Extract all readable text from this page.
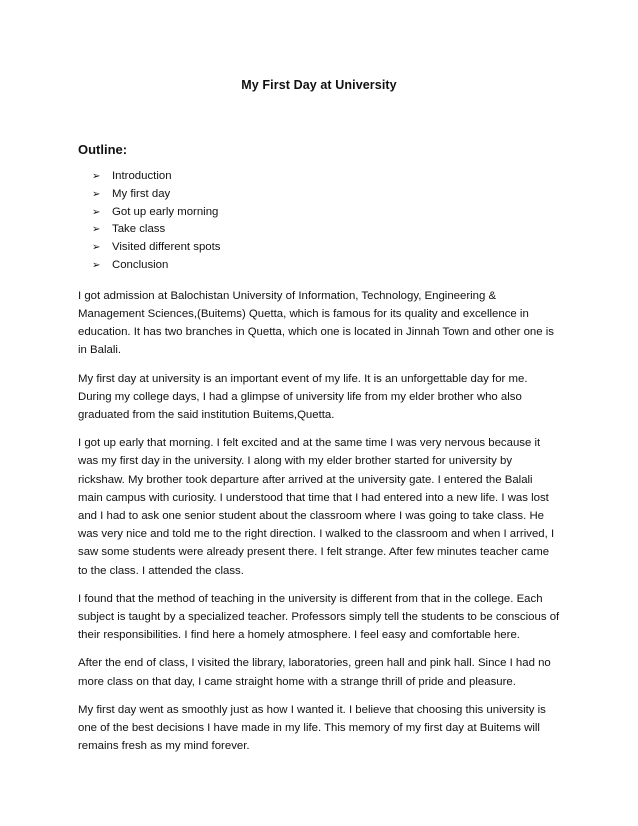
My First Day at University
Outline:
➢	Introduction
➢	My first day
➢	Got up early morning
➢	Take class
➢	Visited different spots
➢	Conclusion

I got admission at Balochistan University of Information, Technology, Engineering & Management Sciences,(Buitems) Quetta, which is famous for its quality and excellence in education. It has two branches in Quetta, which one is located in Jinnah Town and other one is in Balali.

My first day at university is an important event of my life. It is an unforgettable day for me. During my college days, I had a glimpse of university life from my elder brother who also graduated from the said institution Buitems,Quetta.

I got up early that morning. I felt excited and at the same time I was very nervous because it was my first day in the university. I along with my elder brother started for university by rickshaw. My brother took departure after arrived at the university gate. I entered the Balali main campus with curiosity. I understood that time that I had entered into a new life. I was lost and I had to ask one senior student about the classroom where I was going to take class. He was very nice and told me to the right direction. I walked to the classroom and when I arrived, I saw some students were already present there. I felt strange. After few minutes teacher came to the class. I attended the class.

I found that the method of teaching in the university is different from that in the college. Each subject is taught by a specialized teacher. Professors simply tell the students to be conscious of their responsibilities. I find here a homely atmosphere. I feel easy and comfortable here.

After the end of class, I visited the library, laboratories, green hall and pink hall. Since I had no more class on that day, I came straight home with a strange thrill of pride and pleasure.

My first day went as smoothly just as how I wanted it. I believe that choosing this university is one of the best decisions I have made in my life. This memory of my first day at Buitems will remains fresh as my mind forever.
